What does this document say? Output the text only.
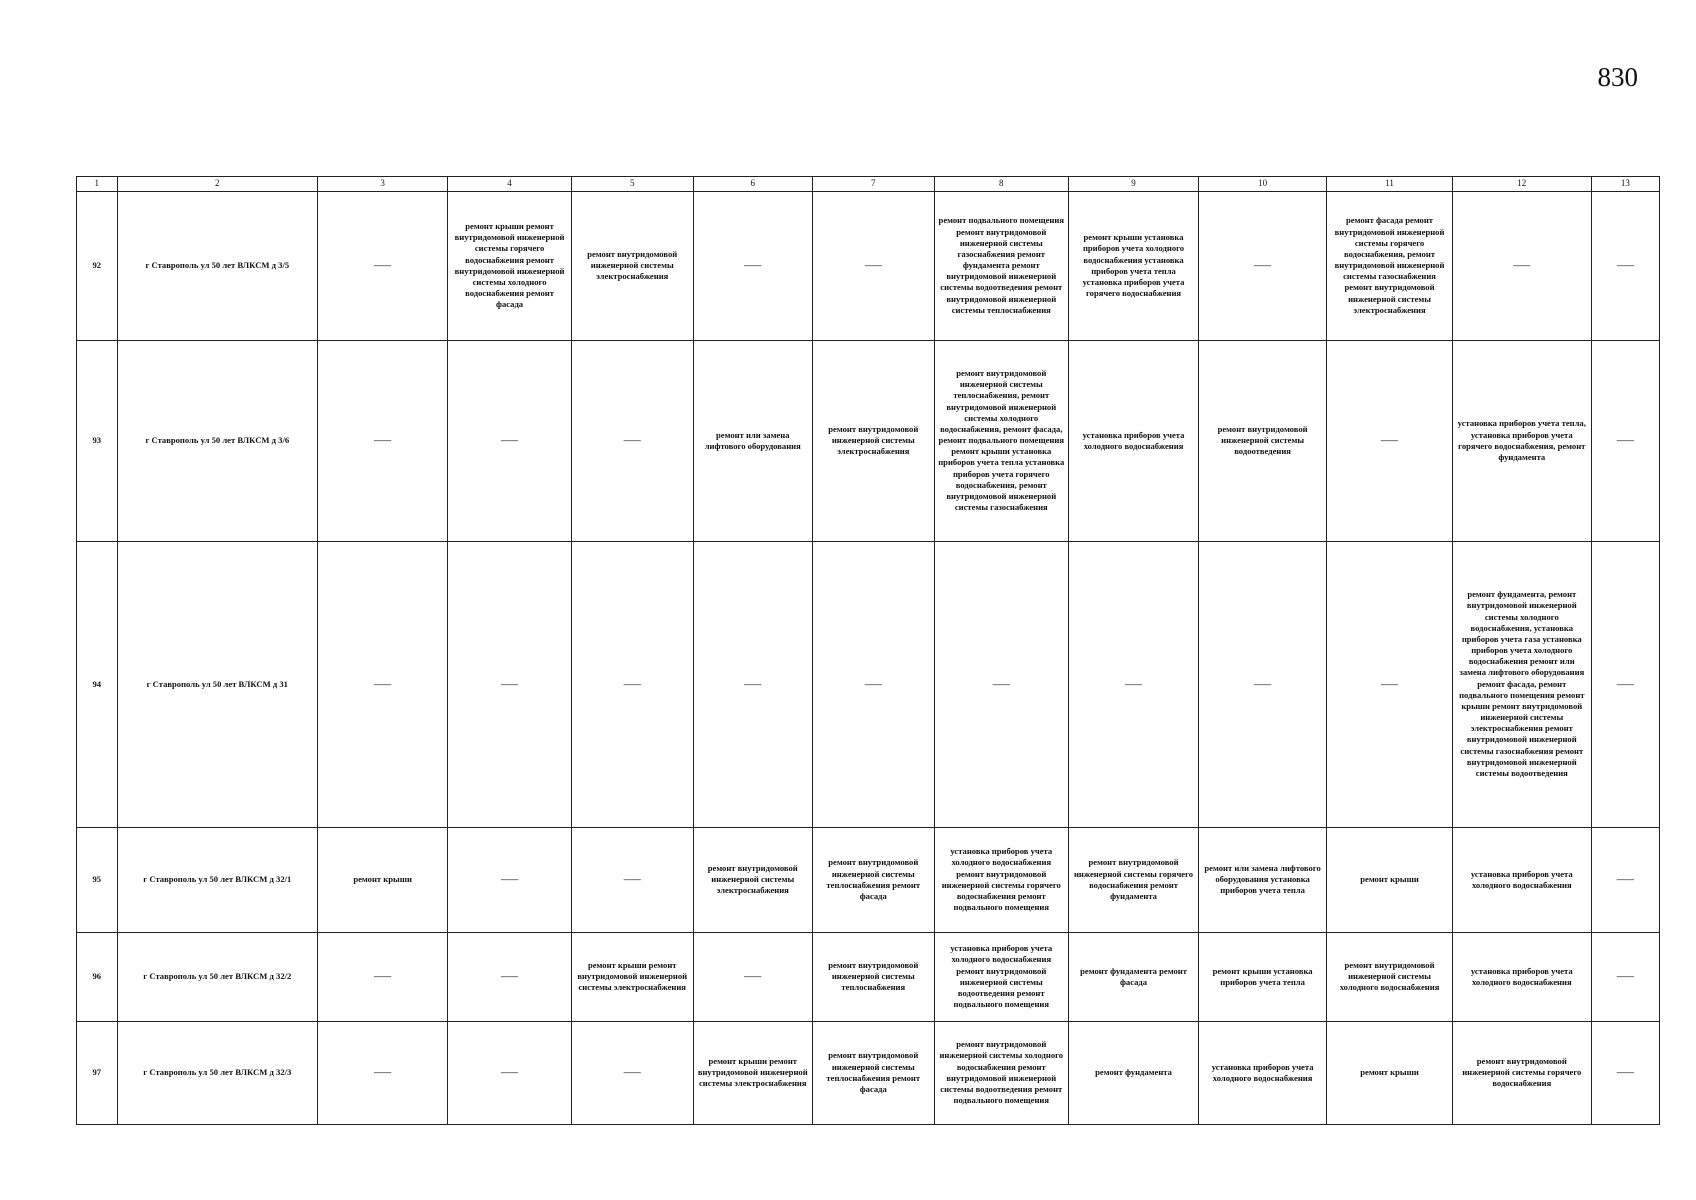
830
1	2	3	4	5	6	7	8	9	10	11	12	13
92	г Ставрополь ул 50 лет ВЛКСМ д 3/5	——	ремонт крыши ремонт внутридомовой инженерной системы горячего водоснабжения ремонт внутридомовой инженерной системы холодного водоснабжения ремонт фасада	ремонт внутридомовой инженерной системы электроснабжения	——	——	ремонт подвального помещения ремонт внутридомовой инженерной системы газоснабжения ремонт фундамента ремонт внутридомовой инженерной системы водоотведения ремонт внутридомовой инженерной системы теплоснабжения	ремонт крыши установка приборов учета холодного водоснабжения установка приборов учета тепла установка приборов учета горячего водоснабжения	——	ремонт фасада ремонт внутридомовой инженерной системы горячего водоснабжения, ремонт внутридомовой инженерной системы газоснабжения ремонт внутридомовой инженерной системы электроснабжения	——	——
93	г Ставрополь ул 50 лет ВЛКСМ д 3/6	——	——	——	ремонт или замена лифтового оборудования	ремонт внутридомовой инженерной системы электроснабжения	ремонт внутридомовой инженерной системы теплоснабжения, ремонт внутридомовой инженерной системы холодного водоснабжения, ремонт фасада, ремонт подвального помещения ремонт крыши установка приборов учета тепла установка приборов учета горячего водоснабжения, ремонт внутридомовой инженерной системы газоснабжения	установка приборов учета холодного водоснабжения	ремонт внутридомовой инженерной системы водоотведения	——	установка приборов учета тепла, установка приборов учета горячего водоснабжения, ремонт фундамента	——
94	г Ставрополь ул 50 лет ВЛКСМ д 31	——	——	——	——	——	——	——	——	——	ремонт фундамента, ремонт внутридомовой инженерной системы холодного водоснабжения, установка приборов учета газа установка приборов учета холодного водоснабжения ремонт или замена лифтового оборудования ремонт фасада, ремонт подвального помещения ремонт крыши ремонт внутридомовой инженерной системы электроснабжения ремонт внутридомовой инженерной системы газоснабжения ремонт внутридомовой инженерной системы водоотведения	——
95	г Ставрополь ул 50 лет ВЛКСМ д 32/1	ремонт крыши	——	——	ремонт внутридомовой инженерной системы электроснабжения	ремонт внутридомовой инженерной системы теплоснабжения ремонт фасада	установка приборов учета холодного водоснабжения ремонт внутридомовой инженерной системы горячего водоснабжения ремонт подвального помещения	ремонт внутридомовой инженерной системы горячего водоснабжения ремонт фундамента	ремонт или замена лифтового оборудования установка приборов учета тепла	ремонт крыши	установка приборов учета холодного водоснабжения	——
96	г Ставрополь ул 50 лет ВЛКСМ д 32/2	——	——	ремонт крыши ремонт внутридомовой инженерной системы электроснабжения	——	ремонт внутридомовой инженерной системы теплоснабжения	установка приборов учета холодного водоснабжения ремонт внутридомовой инженерной системы водоотведения ремонт подвального помещения	ремонт фундамента ремонт фасада	ремонт крыши установка приборов учета тепла	ремонт внутридомовой инженерной системы холодного водоснабжения	установка приборов учета холодного водоснабжения	——
97	г Ставрополь ул 50 лет ВЛКСМ д 32/3	——	——	——	ремонт крыши ремонт внутридомовой инженерной системы электроснабжения	ремонт внутридомовой инженерной системы теплоснабжения ремонт фасада	ремонт внутридомовой инженерной системы холодного водоснабжения ремонт внутридомовой инженерной системы водоотведения ремонт подвального помещения	ремонт фундамента	установка приборов учета холодного водоснабжения	ремонт крыши	ремонт внутридомовой инженерной системы горячего водоснабжения	——
